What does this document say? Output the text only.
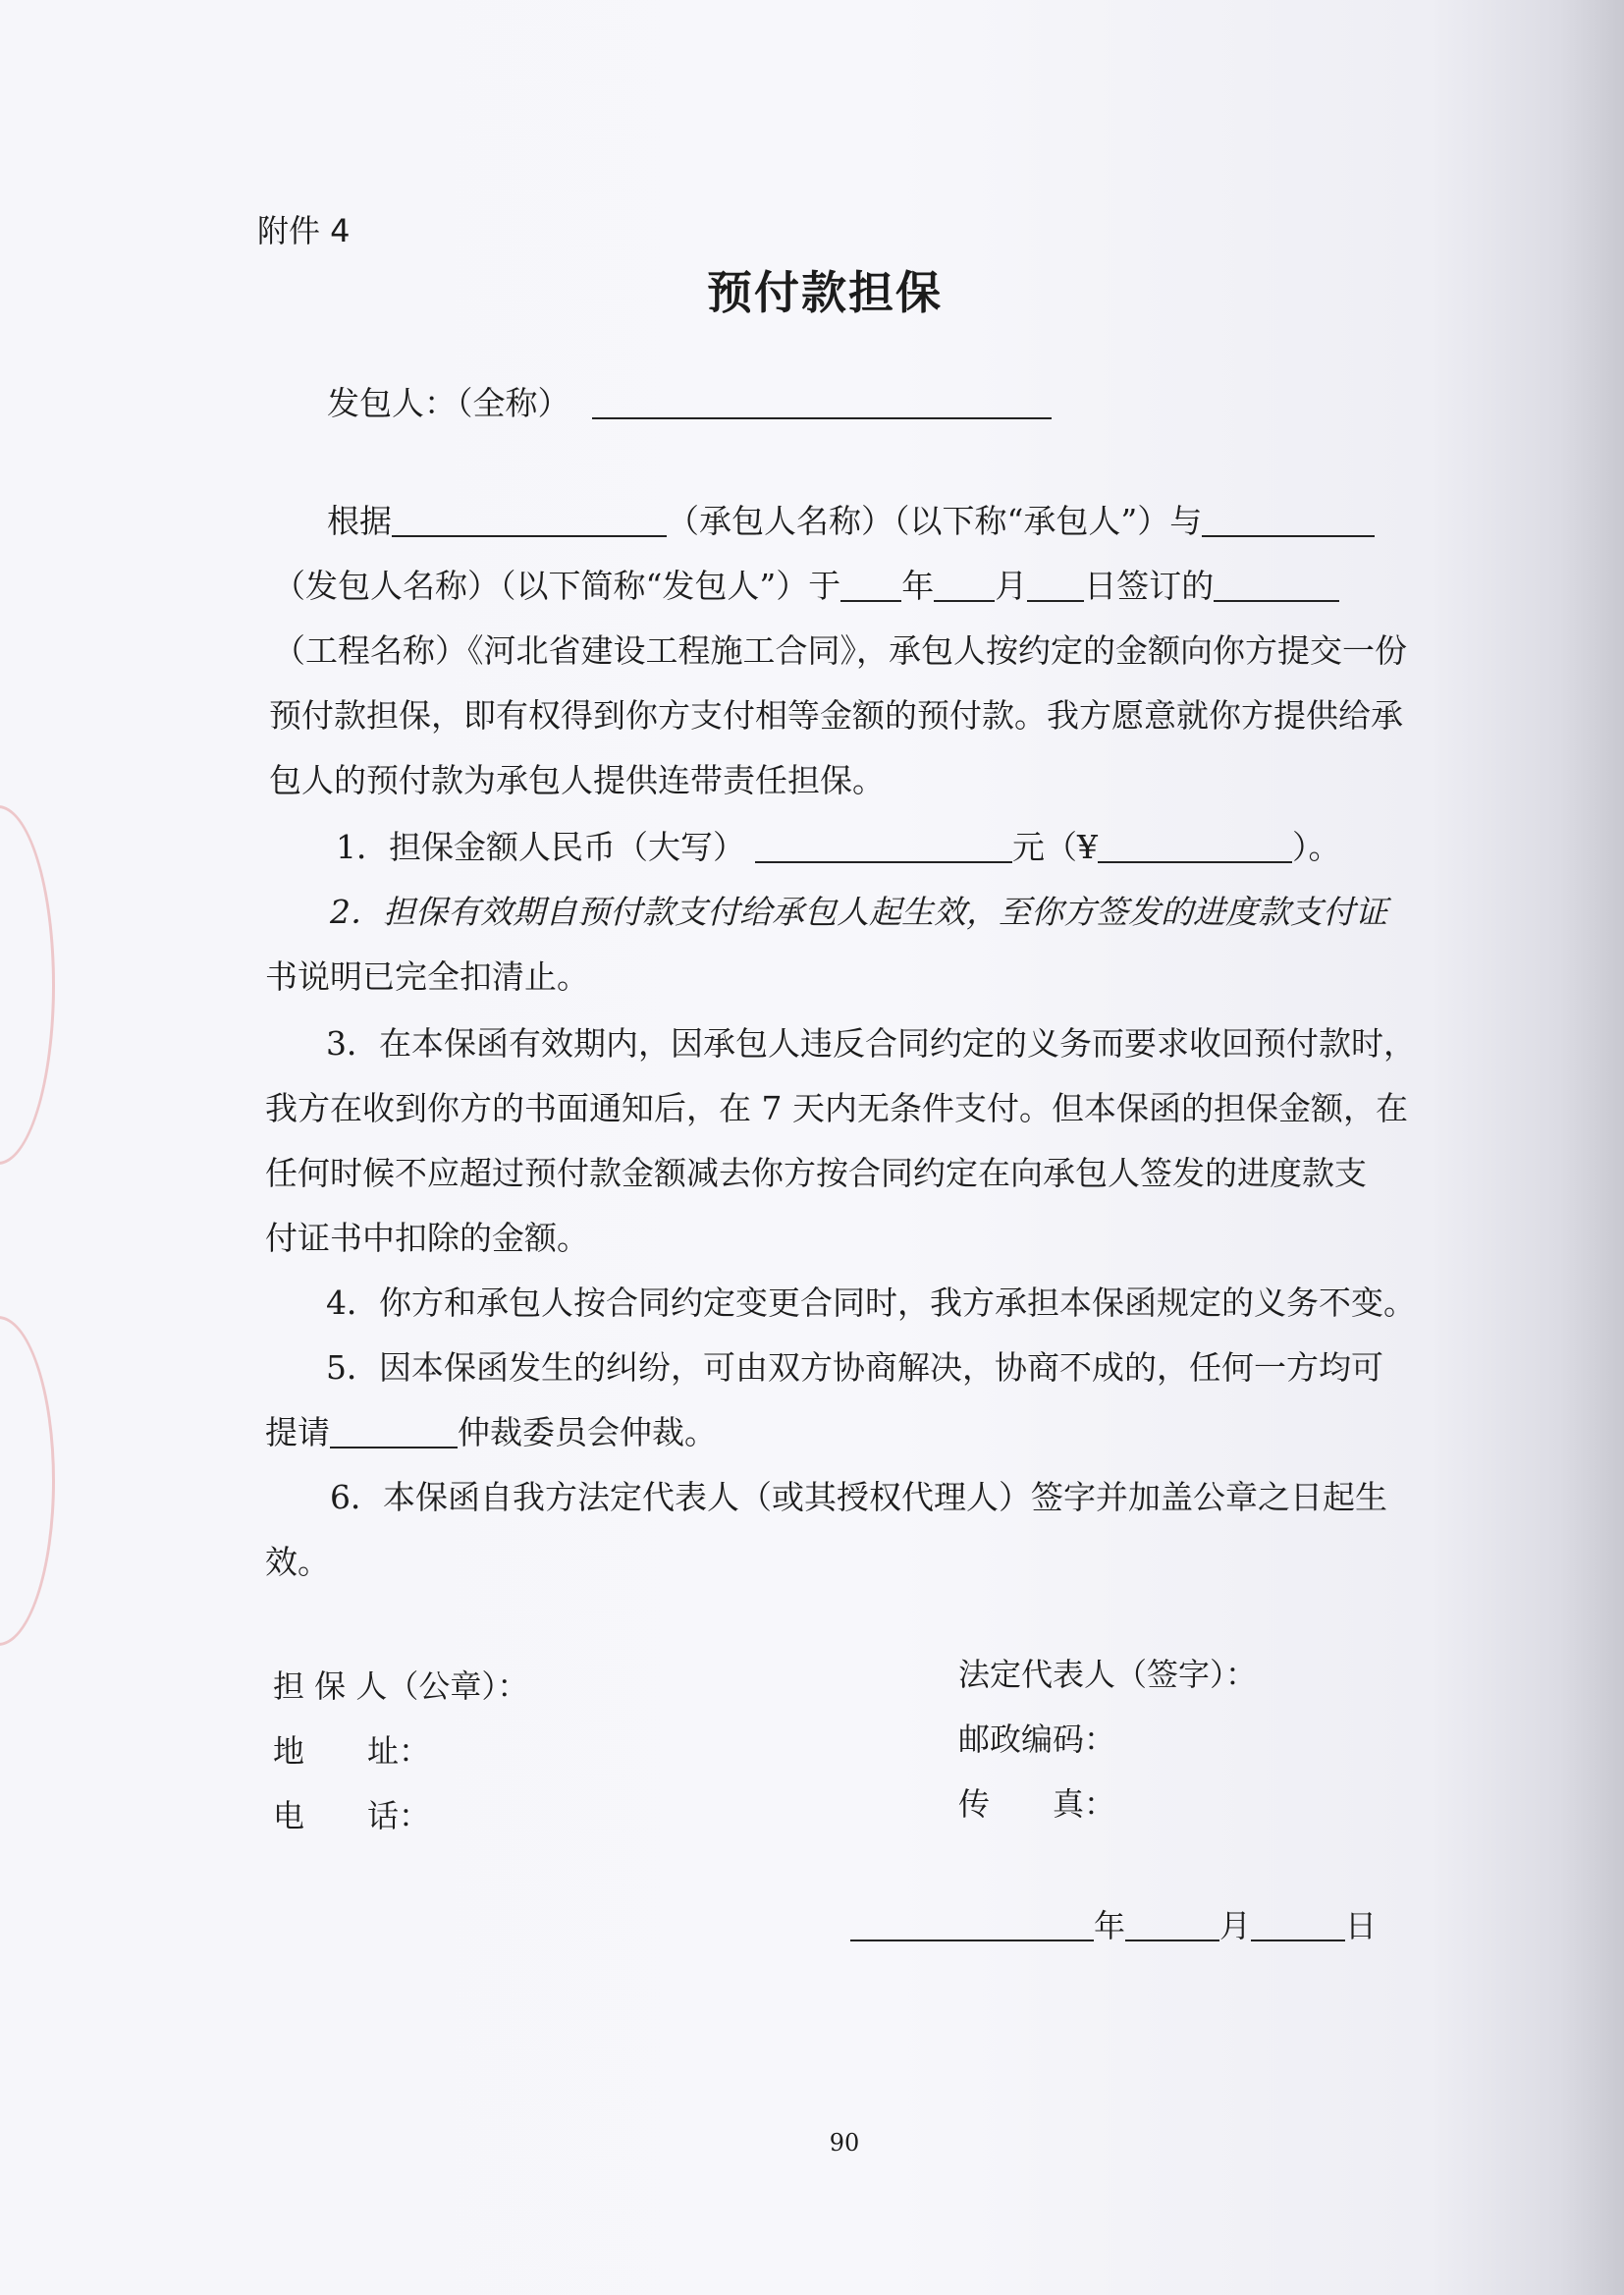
附件 4
预付款担保
发包人：（全称）
根据	（承包人名称）（以下称“承包人”）与
（发包人名称）（以下简称“发包人”）于 年 月 日签订的
（工程名称）《河北省建设工程施工合同》，承包人按约定的金额向你方提交一份
预付款担保，即有权得到你方支付相等金额的预付款。我方愿意就你方提供给承
包人的预付款为承包人提供连带责任担保。
1．担保金额人民币（大写）	元（¥	）。
2．担保有效期自预付款支付给承包人起生效，至你方签发的进度款支付证
书说明已完全扣清止。
3．在本保函有效期内，因承包人违反合同约定的义务而要求收回预付款时，
我方在收到你方的书面通知后，在 7 天内无条件支付。但本保函的担保金额，在
任何时候不应超过预付款金额减去你方按合同约定在向承包人签发的进度款支
付证书中扣除的金额。
4．你方和承包人按合同约定变更合同时，我方承担本保函规定的义务不变。
5．因本保函发生的纠纷，可由双方协商解决，协商不成的，任何一方均可
提请	仲裁委员会仲裁。
6．本保函自我方法定代表人（或其授权代理人）签字并加盖公章之日起生
效。
担 保 人（公章）：
地　　址：
电　　话：
法定代表人（签字）：
邮政编码：
传　　真：
年	月	日
90
